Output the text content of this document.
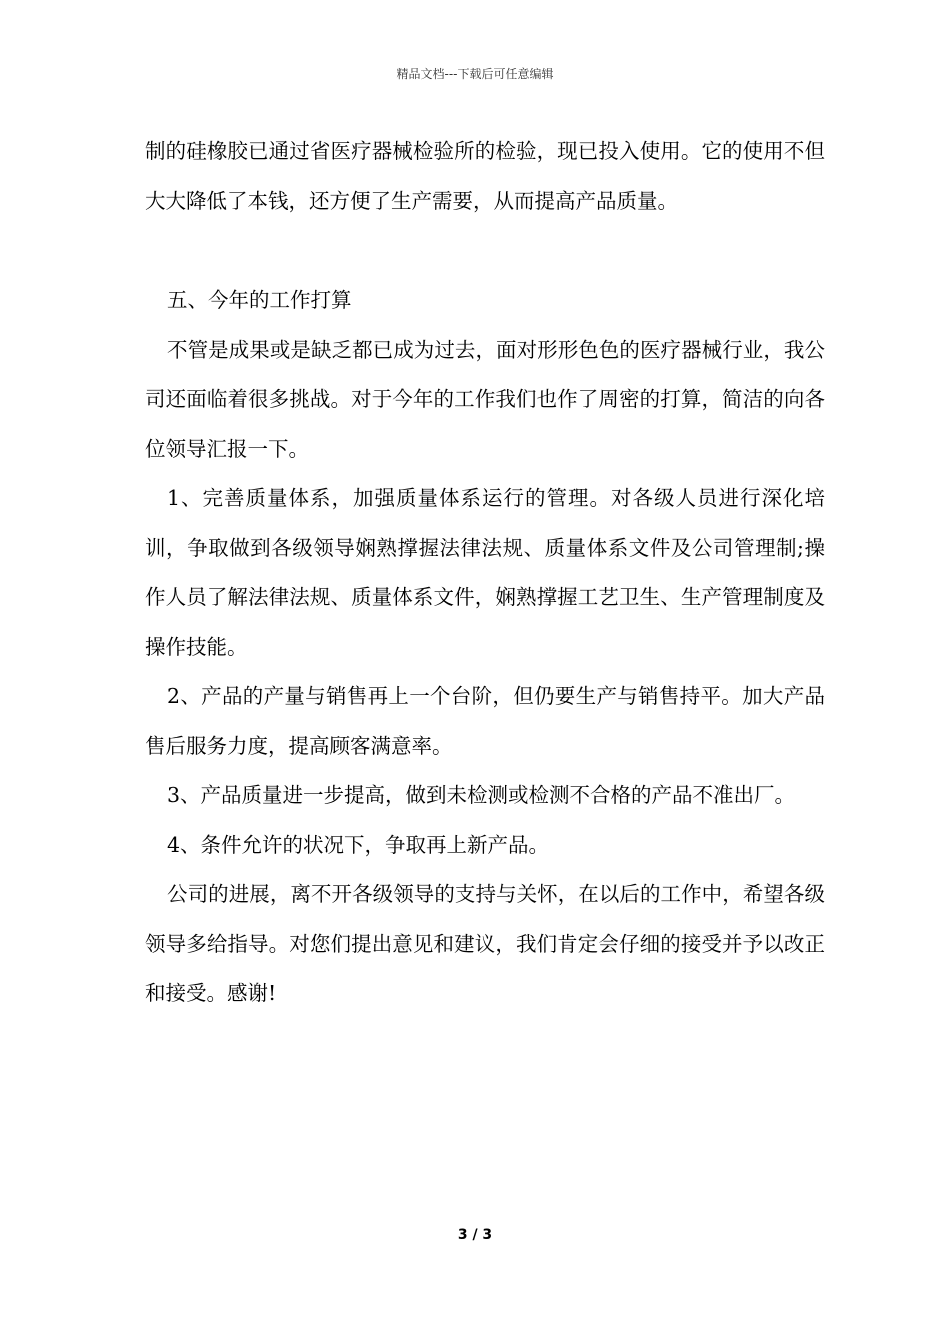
精品文档---下载后可任意编辑

制的硅橡胶已通过省医疗器械检验所的检验，现已投入使用。它的使用不但大大降低了本钱，还方便了生产需要，从而提高产品质量。

五、今年的工作打算

不管是成果或是缺乏都已成为过去，面对形形色色的医疗器械行业，我公司还面临着很多挑战。对于今年的工作我们也作了周密的打算，简洁的向各位领导汇报一下。

1、完善质量体系，加强质量体系运行的管理。对各级人员进行深化培训，争取做到各级领导娴熟撑握法律法规、质量体系文件及公司管理制;操作人员了解法律法规、质量体系文件，娴熟撑握工艺卫生、生产管理制度及操作技能。

2、产品的产量与销售再上一个台阶，但仍要生产与销售持平。加大产品售后服务力度，提高顾客满意率。

3、产品质量进一步提高，做到未检测或检测不合格的产品不准出厂。

4、条件允许的状况下，争取再上新产品。

公司的进展，离不开各级领导的支持与关怀，在以后的工作中，希望各级领导多给指导。对您们提出意见和建议，我们肯定会仔细的接受并予以改正和接受。感谢!

3 / 3
